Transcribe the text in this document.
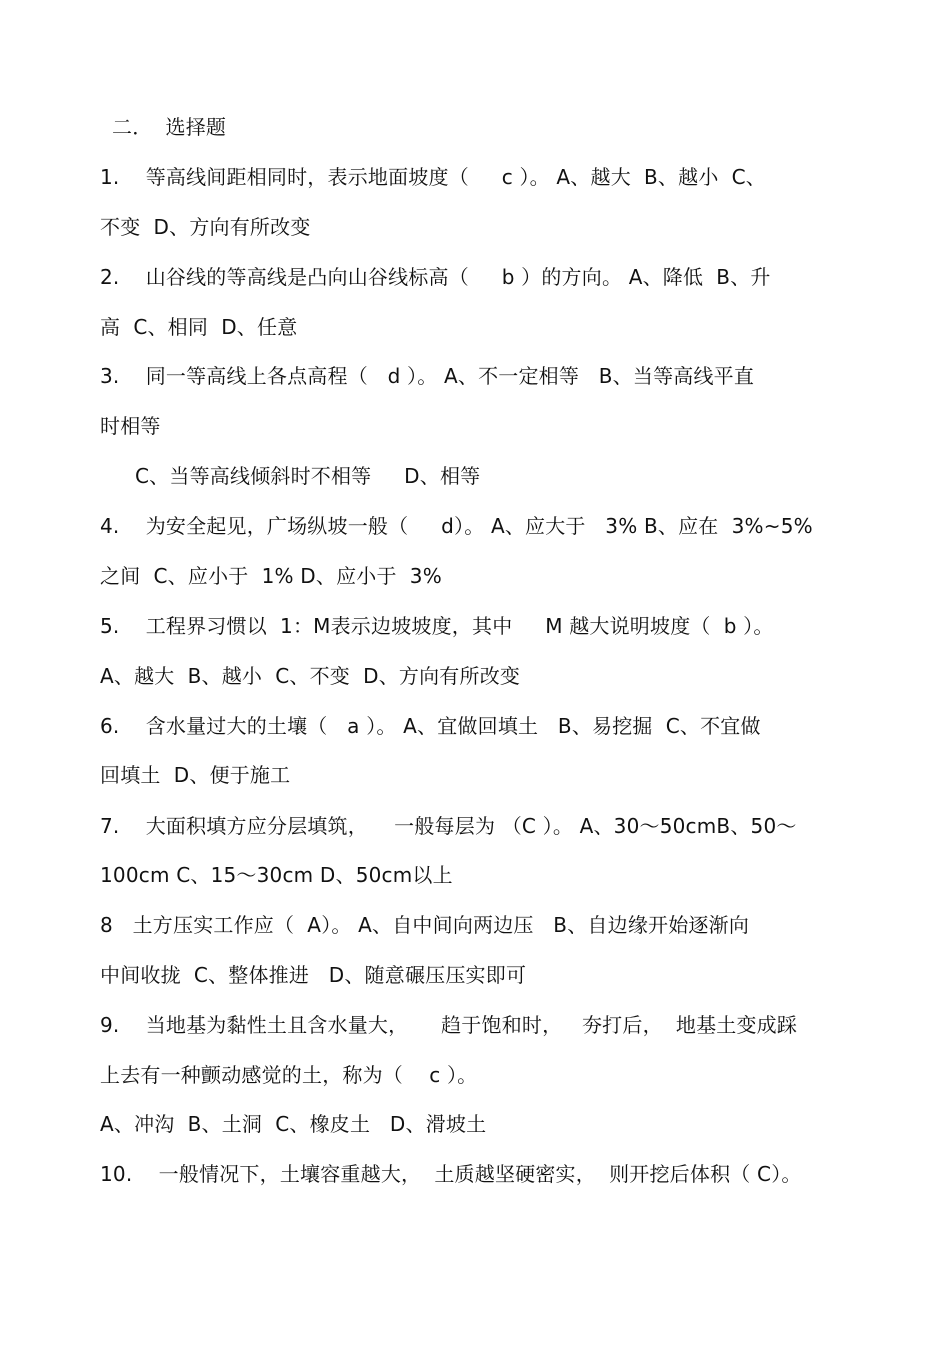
二．  选择题
1.    等高线间距相同时，表示地面坡度（     c ）。 A、越大  B、越小  C、
不变  D、方向有所改变
2.    山谷线的等高线是凸向山谷线标高（     b ）的方向。 A、降低  B、升
高  C、相同  D、任意
3.    同一等高线上各点高程（   d ）。 A、不一定相等   B、当等高线平直
时相等
C、当等高线倾斜时不相等     D、相等
4.    为安全起见，广场纵坡一般（     d）。 A、应大于   3% B、应在  3%~5%
之间  C、应小于  1% D、应小于  3%
5.    工程界习惯以  1：M表示边坡坡度，其中     M 越大说明坡度（  b ）。
A、越大  B、越小  C、不变  D、方向有所改变
6.    含水量过大的土壤（   a ）。 A、宜做回填土   B、易挖掘  C、不宜做
回填土  D、便于施工
7.    大面积填方应分层填筑，    一般每层为 （C ）。 A、30～50cmB、50～
100cm C、15～30cm D、50cm以上
8   土方压实工作应（  A）。 A、自中间向两边压   B、自边缘开始逐渐向
中间收拢  C、整体推进   D、随意碾压压实即可
9.    当地基为黏性土且含水量大，     趋于饱和时，   夯打后，  地基土变成踩
上去有一种颤动感觉的土，称为（    c ）。
A、冲沟  B、土洞  C、橡皮土   D、滑坡土
10.    一般情况下，土壤容重越大，  土质越坚硬密实，  则开挖后体积（ C）。
